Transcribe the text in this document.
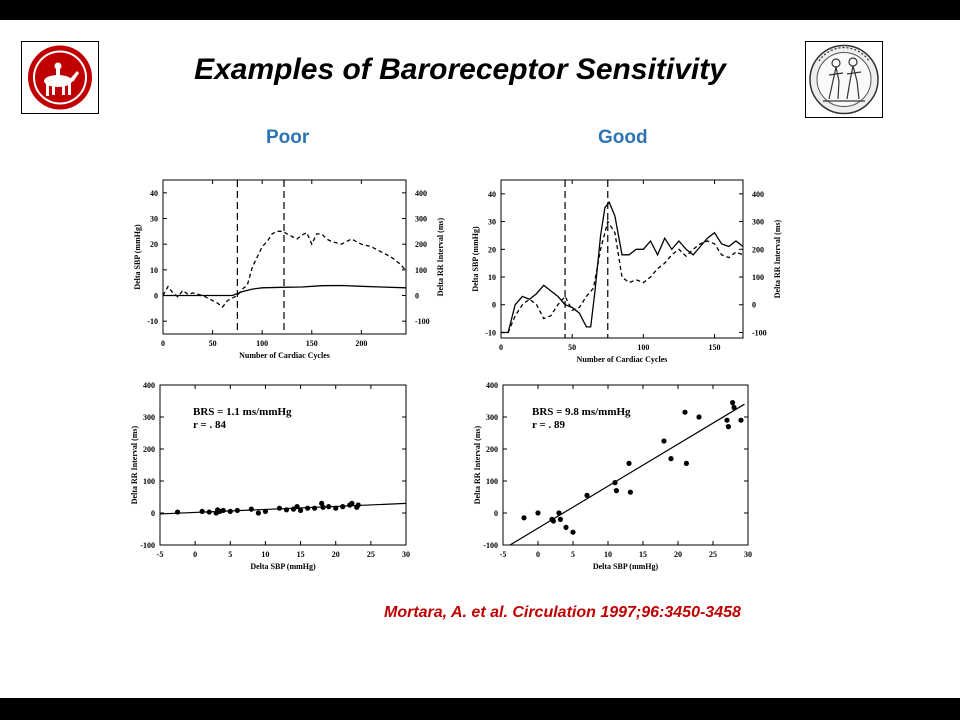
Examples of Baroreceptor Sensitivity
Poor	Good
0	50	100	150	200
-10
0
10
20
30
40
-100
0
100
200
300
400
Delta RR Interval (ms)
Number of Cardiac Cycles
Delta SBP (mmHg)
0	50	100	150
-10
0
10
20
30
40
-100
0
100
200
300
400
Delta RR Interval (ms)
Number of Cardiac Cycles
Delta SBP (mmHg)
-5	0	5	10	15	20	25	30
-100
0
100
200
300
400
Delta SBP (mmHg)
Delta RR Interval (ms)
BRS = 1.1 ms/mmHg
r = . 84
-5	0	5	10	15	20	25	30
-100
0
100
200
300
400
Delta SBP (mmHg)
Delta RR Interval (ms)
BRS = 9.8 ms/mmHg
r = . 89
Mortara, A. et al. Circulation 1997;96:3450-3458
